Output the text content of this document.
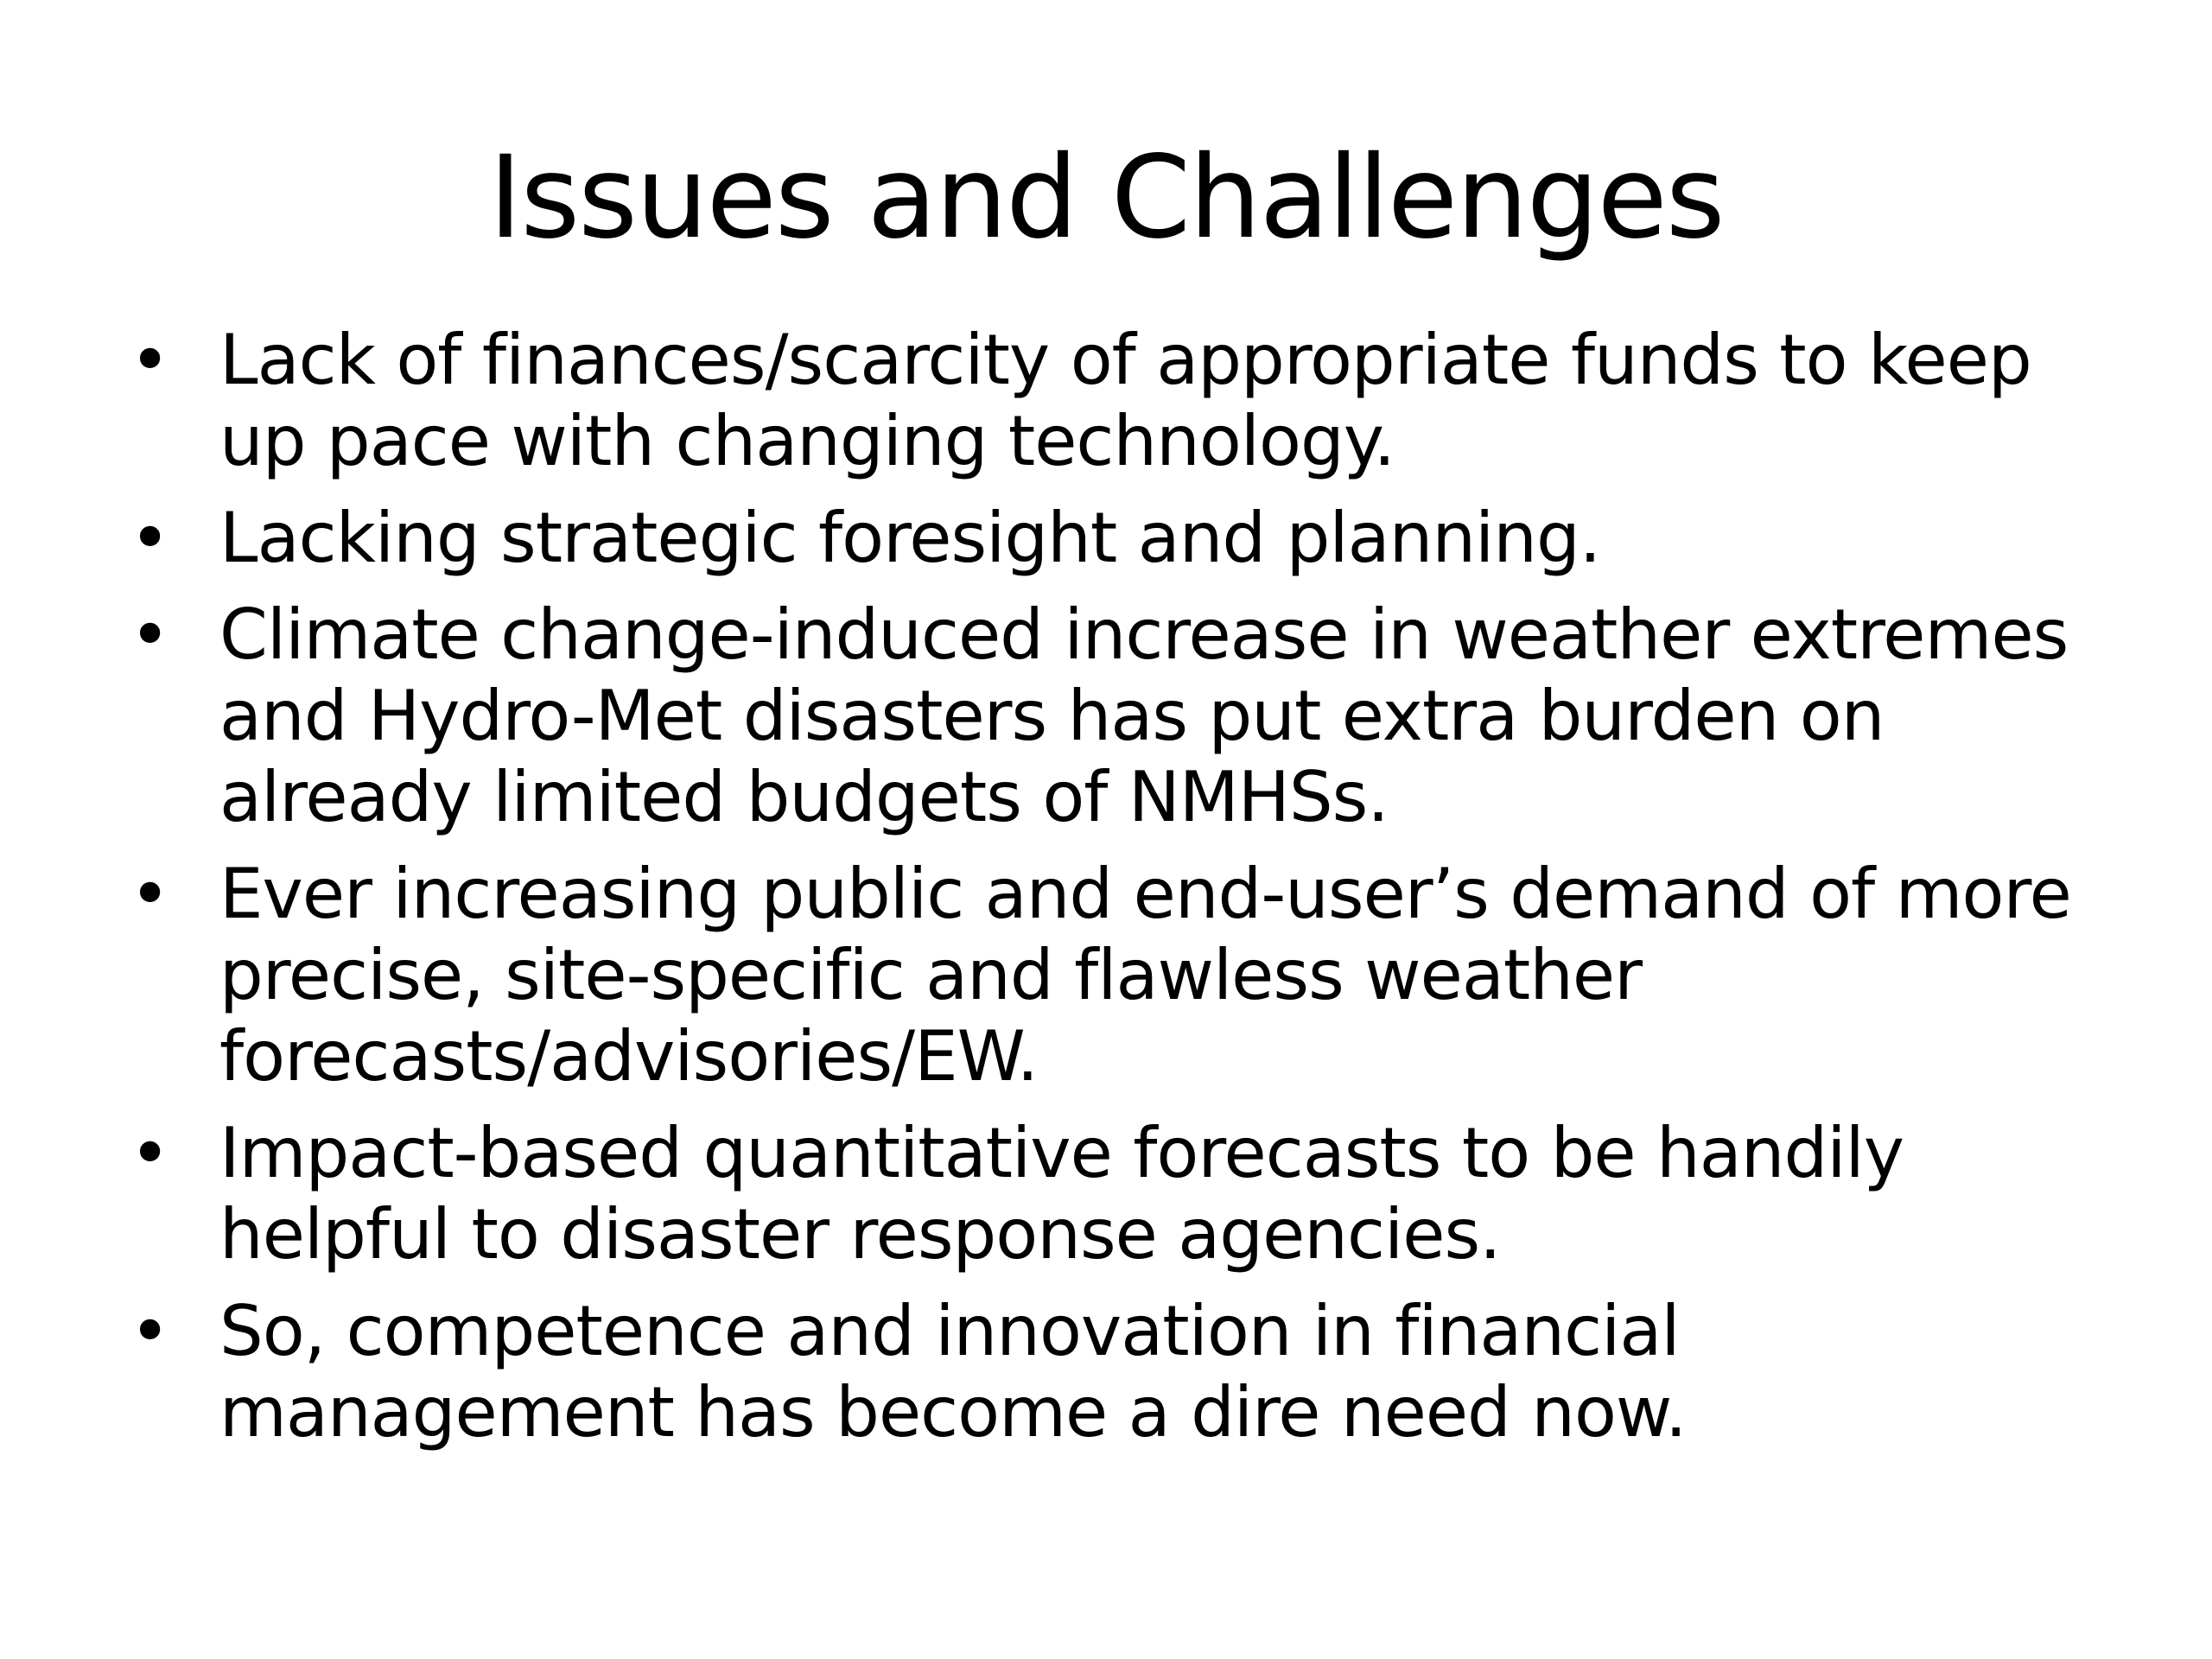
Issues and Challenges
• Lack of finances/scarcity of appropriate funds to keep up pace with changing technology.
• Lacking strategic foresight and planning.
• Climate change-induced increase in weather extremes and Hydro-Met disasters has put extra burden on already limited budgets of NMHSs.
• Ever increasing public and end-user’s demand of more precise, site-specific and flawless weather forecasts/advisories/EW.
• Impact-based quantitative forecasts to be handily helpful to disaster response agencies.
• So, competence and innovation in financial management has become a dire need now.
